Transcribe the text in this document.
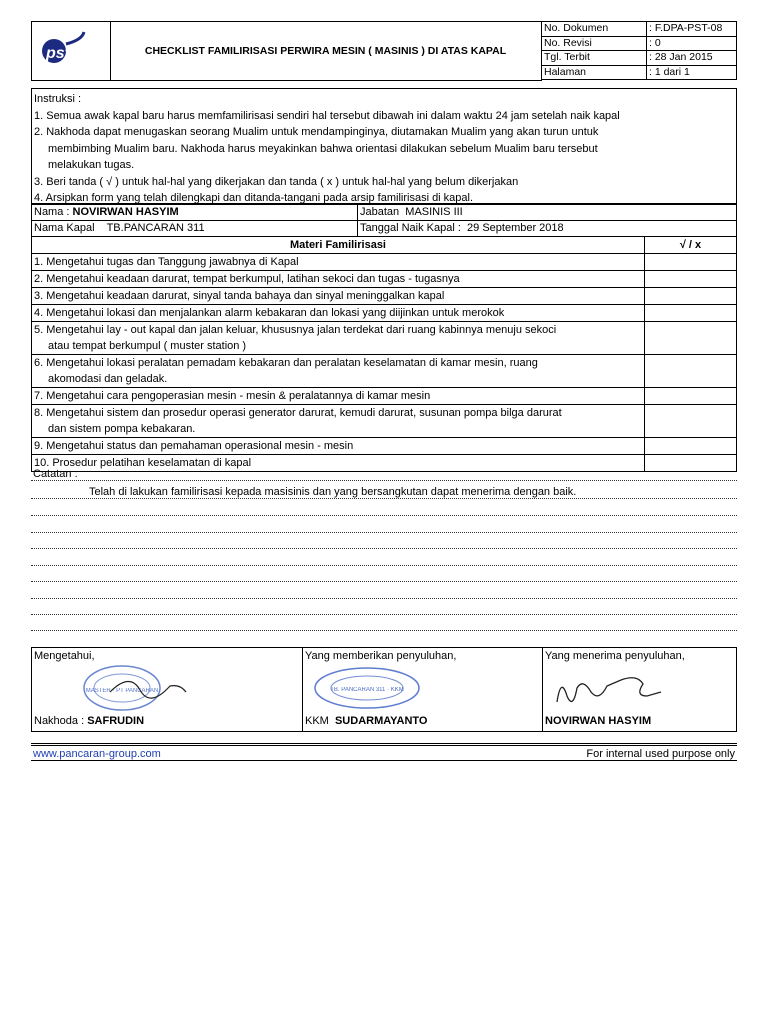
pst	CHECKLIST FAMILIRISASI PERWIRA MESIN ( MASINIS ) DI ATAS KAPAL
No. Dokumen	: F.DPA-PST-08
No. Revisi	: 0
Tgl. Terbit	: 28 Jan 2015
Halaman	: 1 dari 1
Instruksi :
1. Semua awak kapal baru harus memfamilirisasi sendiri hal tersebut dibawah ini dalam waktu 24 jam setelah naik kapal
2. Nakhoda dapat menugaskan seorang Mualim untuk mendampinginya, diutamakan Mualim yang akan turun untuk
membimbing Mualim baru. Nakhoda harus meyakinkan bahwa orientasi dilakukan sebelum Mualim baru tersebut
melakukan tugas.
3. Beri tanda ( √ ) untuk hal-hal yang dikerjakan dan tanda ( x ) untuk hal-hal yang belum dikerjakan
4. Arsipkan form yang telah dilengkapi dan ditanda-tangani pada arsip familirisasi di kapal.
Nama : NOVIRWAN HASYIM	Jabatan MASINIS III
Nama Kapal TB.PANCARAN 311	Tanggal Naik Kapal : 29 September 2018
Materi Familirisasi	√ / x
1. Mengetahui tugas dan Tanggung jawabnya di Kapal	
2. Mengetahui keadaan darurat, tempat berkumpul, latihan sekoci dan tugas - tugasnya	
3. Mengetahui keadaan darurat, sinyal tanda bahaya dan sinyal meninggalkan kapal	
4. Mengetahui lokasi dan menjalankan alarm kebakaran dan lokasi yang diijinkan untuk merokok	

5. Mengetahui lay - out kapal dan jalan keluar, khususnya jalan terdekat dari ruang kabinnya menuju sekoci
atau tempat berkumpul ( muster station )	

6. Mengetahui lokasi peralatan pemadam kebakaran dan peralatan keselamatan di kamar mesin, ruang
akomodasi dan geladak.	

7. Mengetahui cara pengoperasian mesin - mesin & peralatannya di kamar mesin	

8. Mengetahui sistem dan prosedur operasi generator darurat, kemudi darurat, susunan pompa bilga darurat
dan sistem pompa kebakaran.	

9. Mengetahui status dan pemahaman operasional mesin - mesin	
10. Prosedur pelatihan keselamatan di kapal	
Catatan :
Telah di lakukan familirisasi kepada masisinis dan yang bersangkutan dapat menerima dengan baik.
Mengetahui,
MASTER · PT PANCARAN
Nakhoda : SAFRUDIN
Yang memberikan penyuluhan,
TB. PANCARAN 311 · KKM
KKM SUDARMAYANTO
Yang menerima penyuluhan,
NOVIRWAN HASYIM
www.pancaran-group.com	For internal used purpose only
